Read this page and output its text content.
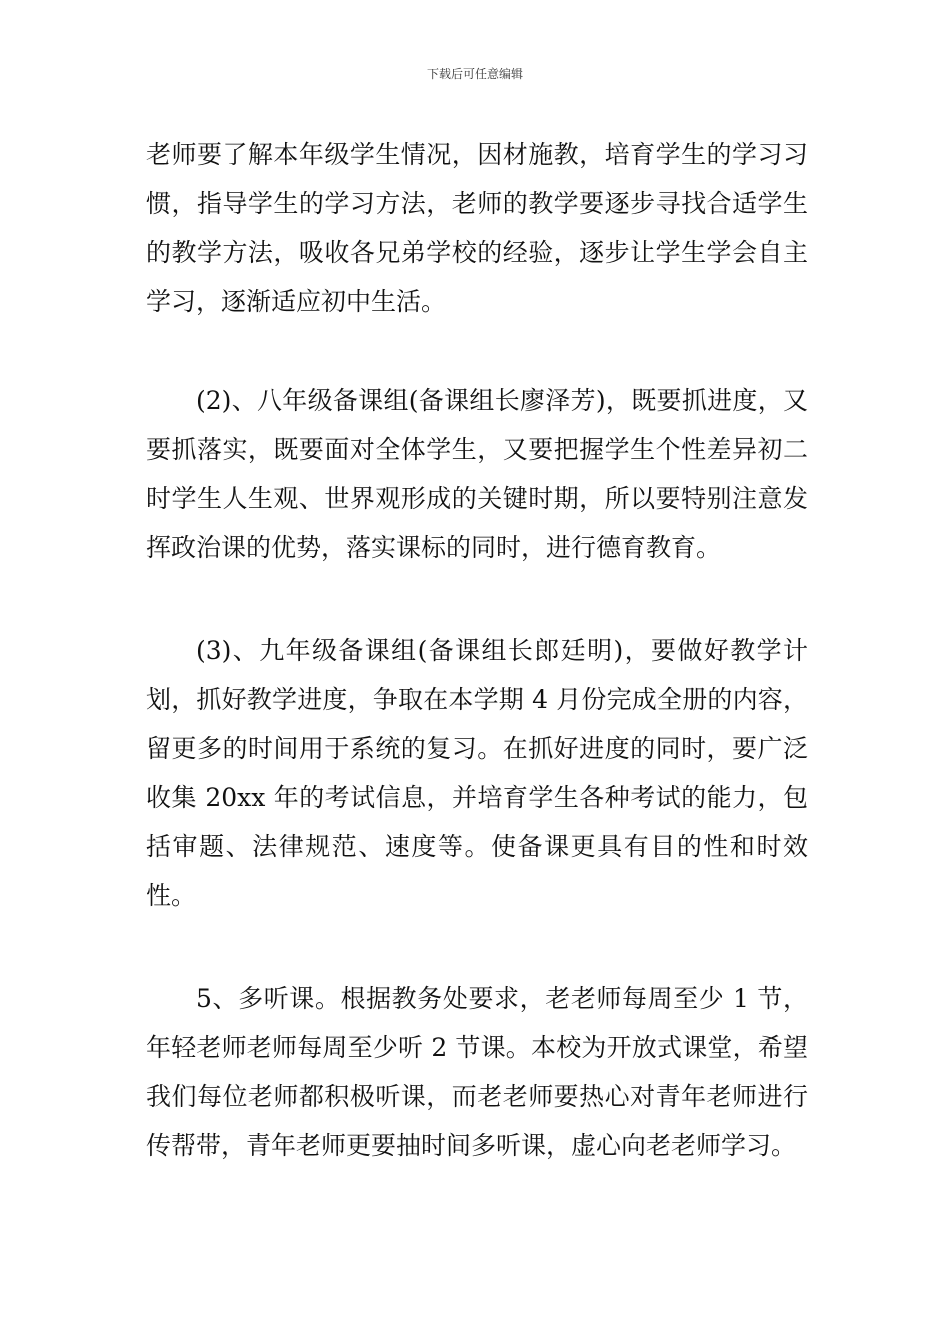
下载后可任意编辑

老师要了解本年级学生情况，因材施教，培育学生的学习习惯，指导学生的学习方法，老师的教学要逐步寻找合适学生的教学方法，吸收各兄弟学校的经验，逐步让学生学会自主学习，逐渐适应初中生活。

(2)、八年级备课组(备课组长廖泽芳)，既要抓进度，又要抓落实，既要面对全体学生，又要把握学生个性差异初二时学生人生观、世界观形成的关键时期，所以要特别注意发挥政治课的优势，落实课标的同时，进行德育教育。

(3)、九年级备课组(备课组长郎廷明)，要做好教学计划，抓好教学进度，争取在本学期 4 月份完成全册的内容，留更多的时间用于系统的复习。在抓好进度的同时，要广泛收集 20xx 年的考试信息，并培育学生各种考试的能力，包括审题、法律规范、速度等。使备课更具有目的性和时效性。

5、多听课。根据教务处要求，老老师每周至少 1 节，年轻老师老师每周至少听 2 节课。本校为开放式课堂，希望我们每位老师都积极听课，而老老师要热心对青年老师进行传帮带，青年老师更要抽时间多听课，虚心向老老师学习。
